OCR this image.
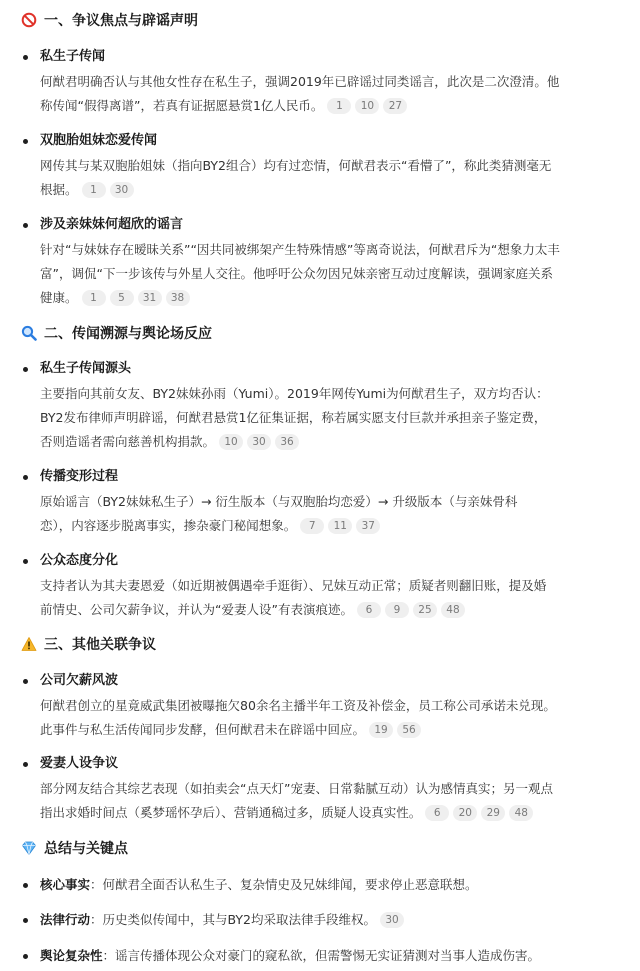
一、争议焦点与辟谣声明
私生子传闻
何猷君明确否认与其他女性存在私生子，强调2019年已辟谣过同类谣言，此次是二次澄清。他
称传闻“假得离谱”，若真有证据愿悬赏1亿人民币。 1 10 27
双胞胎姐妹恋爱传闻
网传其与某双胞胎姐妹（指向BY2组合）均有过恋情，何猷君表示“看懵了”，称此类猜测毫无
根据。 1 30
涉及亲妹妹何超欣的谣言
针对“与妹妹存在暧昧关系”“因共同被绑架产生特殊情感”等离奇说法，何猷君斥为“想象力太丰
富”，调侃“下一步该传与外星人交往。他呼吁公众勿因兄妹亲密互动过度解读，强调家庭关系
健康。 1 5 31 38
二、传闻溯源与舆论场反应
私生子传闻源头
主要指向其前女友、BY2妹妹孙雨（Yumi）。2019年网传Yumi为何猷君生子，双方均否认：
BY2发布律师声明辟谣，何猷君悬赏1亿征集证据，称若属实愿支付巨款并承担亲子鉴定费，
否则造谣者需向慈善机构捐款。 10 30 36
传播变形过程
原始谣言（BY2妹妹私生子）→ 衍生版本（与双胞胎均恋爱）→ 升级版本（与亲妹骨科
恋），内容逐步脱离事实，掺杂豪门秘闻想象。 7 11 37
公众态度分化
支持者认为其夫妻恩爱（如近期被偶遇牵手逛街）、兄妹互动正常；质疑者则翻旧账，提及婚
前情史、公司欠薪争议，并认为“爱妻人设”有表演痕迹。 6 9 25 48
三、其他关联争议
公司欠薪风波
何猷君创立的星竟威武集团被曝拖欠80余名主播半年工资及补偿金，员工称公司承诺未兑现。
此事件与私生活传闻同步发酵，但何猷君未在辟谣中回应。 19 56
爱妻人设争议
部分网友结合其综艺表现（如拍卖会“点天灯”宠妻、日常黏腻互动）认为感情真实；另一观点
指出求婚时间点（奚梦瑶怀孕后）、营销通稿过多，质疑人设真实性。 6 20 29 48
总结与关键点
核心事实：何猷君全面否认私生子、复杂情史及兄妹绯闻，要求停止恶意联想。
法律行动：历史类似传闻中，其与BY2均采取法律手段维权。 30
舆论复杂性：谣言传播体现公众对豪门的窥私欲，但需警惕无实证猜测对当事人造成伤害。
